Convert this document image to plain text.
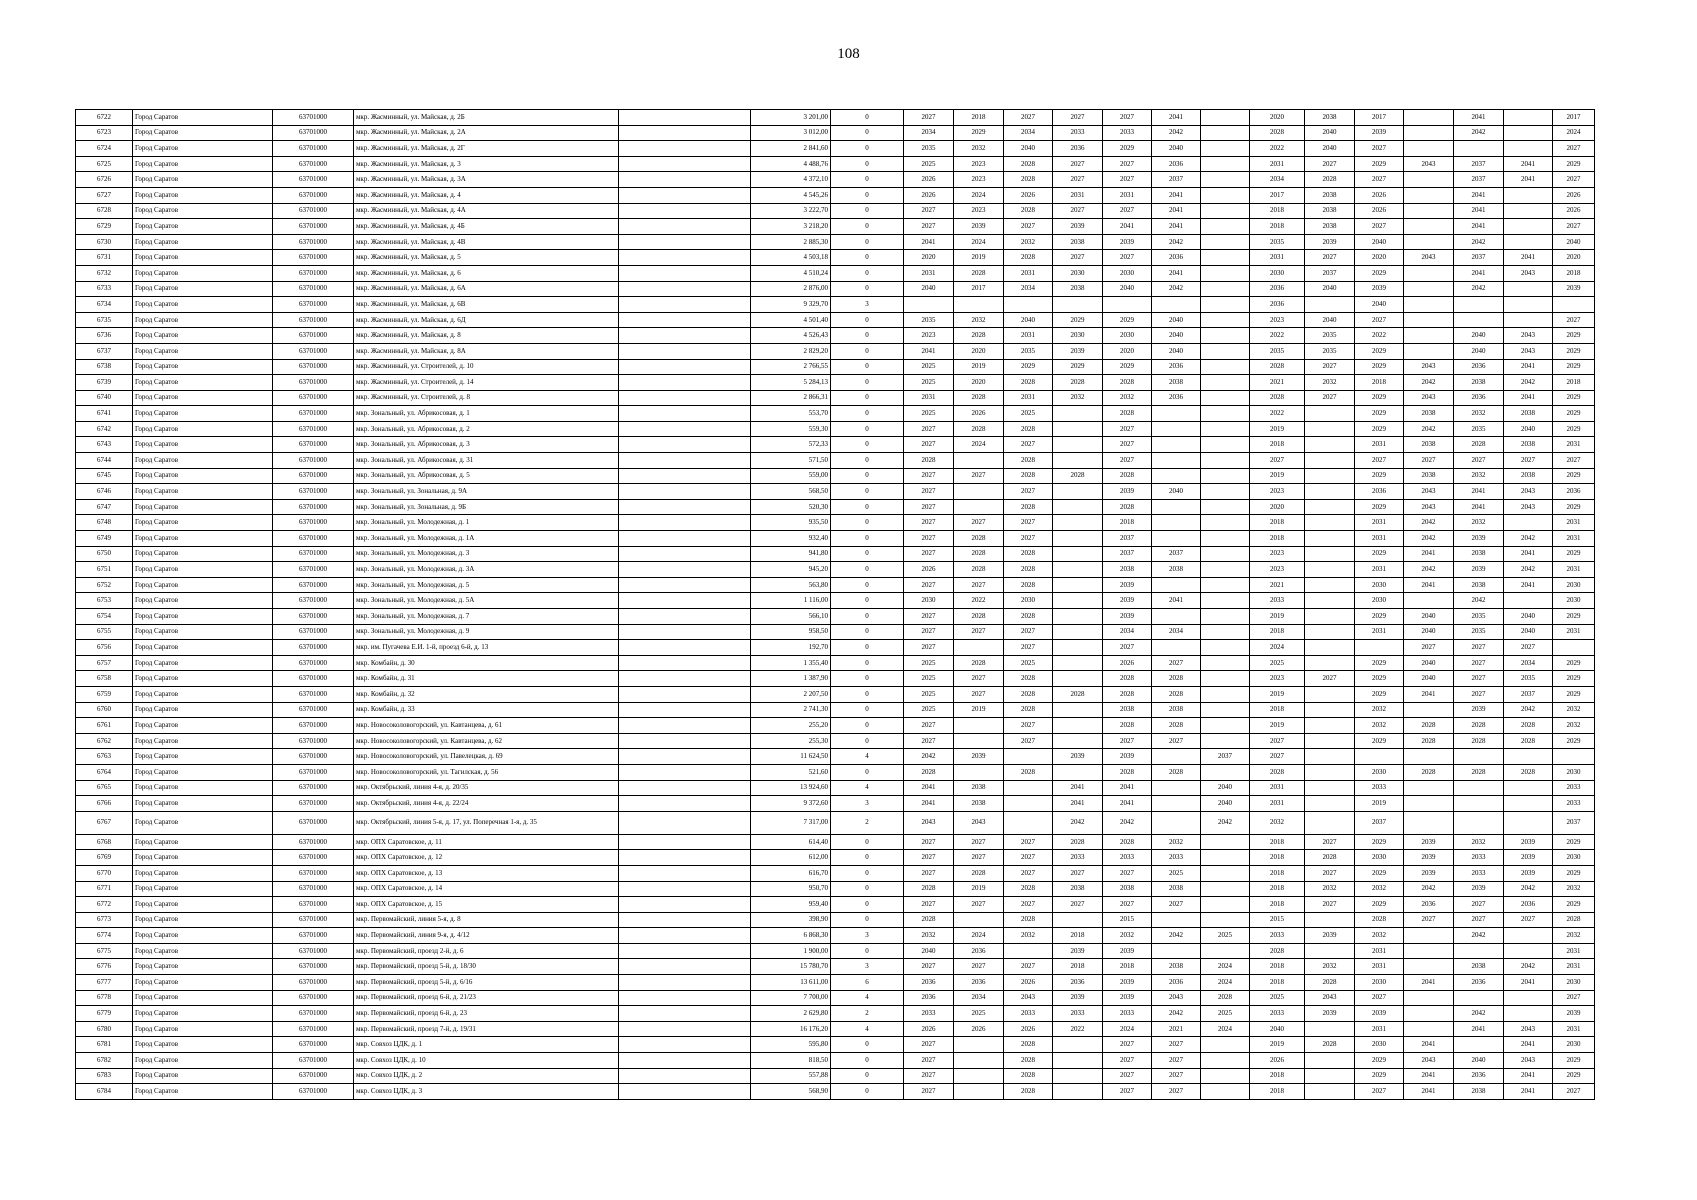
108
6722	Город Саратов	63701000	мкр. Жасминный, ул. Майская, д. 2Б		3 201,00	0	2027	2018	2027	2027	2027	2041		2020	2038	2017		2041		2017
6723	Город Саратов	63701000	мкр. Жасминный, ул. Майская, д. 2А		3 012,00	0	2034	2029	2034	2033	2033	2042		2028	2040	2039		2042		2024
6724	Город Саратов	63701000	мкр. Жасминный, ул. Майская, д. 2Г		2 841,60	0	2035	2032	2040	2036	2029	2040		2022	2040	2027				2027
6725	Город Саратов	63701000	мкр. Жасминный, ул. Майская, д. 3		4 488,76	0	2025	2023	2028	2027	2027	2036		2031	2027	2029	2043	2037	2041	2029
6726	Город Саратов	63701000	мкр. Жасминный, ул. Майская, д. 3А		4 372,10	0	2026	2023	2028	2027	2027	2037		2034	2028	2027		2037	2041	2027
6727	Город Саратов	63701000	мкр. Жасминный, ул. Майская, д. 4		4 545,26	0	2026	2024	2026	2031	2031	2041		2017	2038	2026		2041		2026
6728	Город Саратов	63701000	мкр. Жасминный, ул. Майская, д. 4А		3 222,70	0	2027	2023	2028	2027	2027	2041		2018	2038	2026		2041		2026
6729	Город Саратов	63701000	мкр. Жасминный, ул. Майская, д. 4Б		3 218,20	0	2027	2039	2027	2039	2041	2041		2018	2038	2027		2041		2027
6730	Город Саратов	63701000	мкр. Жасминный, ул. Майская, д. 4В		2 885,30	0	2041	2024	2032	2038	2039	2042		2035	2039	2040		2042		2040
6731	Город Саратов	63701000	мкр. Жасминный, ул. Майская, д. 5		4 503,18	0	2020	2019	2028	2027	2027	2036		2031	2027	2020	2043	2037	2041	2020
6732	Город Саратов	63701000	мкр. Жасминный, ул. Майская, д. 6		4 510,24	0	2031	2028	2031	2030	2030	2041		2030	2037	2029		2041	2043	2018
6733	Город Саратов	63701000	мкр. Жасминный, ул. Майская, д. 6А		2 876,00	0	2040	2017	2034	2038	2040	2042		2036	2040	2039		2042		2039
6734	Город Саратов	63701000	мкр. Жасминный, ул. Майская, д. 6В		9 329,70	3								2036		2040				
6735	Город Саратов	63701000	мкр. Жасминный, ул. Майская, д. 6Д		4 501,40	0	2035	2032	2040	2029	2029	2040		2023	2040	2027				2027
6736	Город Саратов	63701000	мкр. Жасминный, ул. Майская, д. 8		4 526,43	0	2023	2028	2031	2030	2030	2040		2022	2035	2022		2040	2043	2029
6737	Город Саратов	63701000	мкр. Жасминный, ул. Майская, д. 8А		2 829,20	0	2041	2020	2035	2039	2020	2040		2035	2035	2029		2040	2043	2029
6738	Город Саратов	63701000	мкр. Жасминный, ул. Строителей, д. 10		2 766,55	0	2025	2019	2029	2029	2029	2036		2028	2027	2029	2043	2036	2041	2029
6739	Город Саратов	63701000	мкр. Жасминный, ул. Строителей, д. 14		5 284,13	0	2025	2020	2028	2028	2028	2038		2021	2032	2018	2042	2038	2042	2018
6740	Город Саратов	63701000	мкр. Жасминный, ул. Строителей, д. 8		2 866,31	0	2031	2028	2031	2032	2032	2036		2028	2027	2029	2043	2036	2041	2029
6741	Город Саратов	63701000	мкр. Зональный, ул. Абрикосовая, д. 1		553,70	0	2025	2026	2025		2028			2022		2029	2038	2032	2038	2029
6742	Город Саратов	63701000	мкр. Зональный, ул. Абрикосовая, д. 2		559,30	0	2027	2028	2028		2027			2019		2029	2042	2035	2040	2029
6743	Город Саратов	63701000	мкр. Зональный, ул. Абрикосовая, д. 3		572,33	0	2027	2024	2027		2027			2018		2031	2038	2028	2038	2031
6744	Город Саратов	63701000	мкр. Зональный, ул. Абрикосовая, д. 31		571,50	0	2028		2028		2027			2027		2027	2027	2027	2027	2027
6745	Город Саратов	63701000	мкр. Зональный, ул. Абрикосовая, д. 5		559,00	0	2027	2027	2028	2028	2028			2019		2029	2038	2032	2038	2029
6746	Город Саратов	63701000	мкр. Зональный, ул. Зональная, д. 9А		568,50	0	2027		2027		2039	2040		2023		2036	2043	2041	2043	2036
6747	Город Саратов	63701000	мкр. Зональный, ул. Зональная, д. 9Б		520,30	0	2027		2028		2028			2020		2029	2043	2041	2043	2029
6748	Город Саратов	63701000	мкр. Зональный, ул. Молодежная, д. 1		935,50	0	2027	2027	2027		2018			2018		2031	2042	2032		2031
6749	Город Саратов	63701000	мкр. Зональный, ул. Молодежная, д. 1А		932,40	0	2027	2028	2027		2037			2018		2031	2042	2039	2042	2031
6750	Город Саратов	63701000	мкр. Зональный, ул. Молодежная, д. 3		941,80	0	2027	2028	2028		2037	2037		2023		2029	2041	2038	2041	2029
6751	Город Саратов	63701000	мкр. Зональный, ул. Молодежная, д. 3А		945,20	0	2026	2028	2028		2038	2038		2023		2031	2042	2039	2042	2031
6752	Город Саратов	63701000	мкр. Зональный, ул. Молодежная, д. 5		563,80	0	2027	2027	2028		2039			2021		2030	2041	2038	2041	2030
6753	Город Саратов	63701000	мкр. Зональный, ул. Молодежная, д. 5А		1 116,00	0	2030	2022	2030		2039	2041		2033		2030		2042		2030
6754	Город Саратов	63701000	мкр. Зональный, ул. Молодежная, д. 7		566,10	0	2027	2028	2028		2039			2019		2029	2040	2035	2040	2029
6755	Город Саратов	63701000	мкр. Зональный, ул. Молодежная, д. 9		958,50	0	2027	2027	2027		2034	2034		2018		2031	2040	2035	2040	2031
6756	Город Саратов	63701000	мкр. им. Пугачева Е.И. 1-й, проезд 6-й, д. 13		192,70	0	2027		2027		2027			2024			2027	2027	2027	
6757	Город Саратов	63701000	мкр. Комбайн, д. 30		1 355,40	0	2025	2028	2025		2026	2027		2025		2029	2040	2027	2034	2029
6758	Город Саратов	63701000	мкр. Комбайн, д. 31		1 387,90	0	2025	2027	2028		2028	2028		2023	2027	2029	2040	2027	2035	2029
6759	Город Саратов	63701000	мкр. Комбайн, д. 32		2 207,50	0	2025	2027	2028	2028	2028	2028		2019		2029	2041	2027	2037	2029
6760	Город Саратов	63701000	мкр. Комбайн, д. 33		2 741,30	0	2025	2019	2028		2038	2038		2018		2032		2039	2042	2032
6761	Город Саратов	63701000	мкр. Новосоколовогорский, ул. Кавтанцева, д. 61		255,20	0	2027		2027		2028	2028		2019		2032	2028	2028	2028	2032
6762	Город Саратов	63701000	мкр. Новосоколовогорский, ул. Кавтанцева, д. 62		255,30	0	2027		2027		2027	2027		2027		2029	2028	2028	2028	2029
6763	Город Саратов	63701000	мкр. Новосоколовогорский, ул. Павелецкая, д. 69		11 624,50	4	2042	2039		2039	2039		2037	2027						
6764	Город Саратов	63701000	мкр. Новосоколовогорский, ул. Тагилская, д. 56		521,60	0	2028		2028		2028	2028		2028		2030	2028	2028	2028	2030
6765	Город Саратов	63701000	мкр. Октябрьский, линия 4-я, д. 20/35		13 924,60	4	2041	2038		2041	2041		2040	2031		2033				2033
6766	Город Саратов	63701000	мкр. Октябрьский, линия 4-я, д. 22/24		9 372,60	3	2041	2038		2041	2041		2040	2031		2019				2033
6767	Город Саратов	63701000	мкр. Октябрьский, линия 5-я, д. 17, ул. Поперечная 1-я, д. 35		7 317,00	2	2043	2043		2042	2042		2042	2032		2037				2037
6768	Город Саратов	63701000	мкр. ОПХ Саратовское, д. 11		614,40	0	2027	2027	2027	2028	2028	2032		2018	2027	2029	2039	2032	2039	2029
6769	Город Саратов	63701000	мкр. ОПХ Саратовское, д. 12		612,00	0	2027	2027	2027	2033	2033	2033		2018	2028	2030	2039	2033	2039	2030
6770	Город Саратов	63701000	мкр. ОПХ Саратовское, д. 13		616,70	0	2027	2028	2027	2027	2027	2025		2018	2027	2029	2039	2033	2039	2029
6771	Город Саратов	63701000	мкр. ОПХ Саратовское, д. 14		950,70	0	2028	2019	2028	2038	2038	2038		2018	2032	2032	2042	2039	2042	2032
6772	Город Саратов	63701000	мкр. ОПХ Саратовское, д. 15		959,40	0	2027	2027	2027	2027	2027	2027		2018	2027	2029	2036	2027	2036	2029
6773	Город Саратов	63701000	мкр. Первомайский, линия 5-я, д. 8		398,90	0	2028		2028		2015			2015		2028	2027	2027	2027	2028
6774	Город Саратов	63701000	мкр. Первомайский, линия 9-я, д. 4/12		6 868,30	3	2032	2024	2032	2018	2032	2042	2025	2033	2039	2032		2042		2032
6775	Город Саратов	63701000	мкр. Первомайский, проезд 2-й, д. 6		1 900,00	0	2040	2036		2039	2039			2028		2031				2031
6776	Город Саратов	63701000	мкр. Первомайский, проезд 5-й, д. 18/30		15 780,70	3	2027	2027	2027	2018	2018	2038	2024	2018	2032	2031		2038	2042	2031
6777	Город Саратов	63701000	мкр. Первомайский, проезд 5-й, д. 6/16		13 611,00	6	2036	2036	2026	2036	2039	2036	2024	2018	2028	2030	2041	2036	2041	2030
6778	Город Саратов	63701000	мкр. Первомайский, проезд 6-й, д. 21/23		7 700,00	4	2036	2034	2043	2039	2039	2043	2028	2025	2043	2027				2027
6779	Город Саратов	63701000	мкр. Первомайский, проезд 6-й, д. 23		2 629,80	2	2033	2025	2033	2033	2033	2042	2025	2033	2039	2039		2042		2039
6780	Город Саратов	63701000	мкр. Первомайский, проезд 7-й, д. 19/31		16 176,20	4	2026	2026	2026	2022	2024	2021	2024	2040		2031		2041	2043	2031
6781	Город Саратов	63701000	мкр. Совхоз ЦДК, д. 1		595,80	0	2027		2028		2027	2027		2019	2028	2030	2041		2041	2030
6782	Город Саратов	63701000	мкр. Совхоз ЦДК, д. 10		818,50	0	2027		2028		2027	2027		2026		2029	2043	2040	2043	2029
6783	Город Саратов	63701000	мкр. Совхоз ЦДК, д. 2		557,88	0	2027		2028		2027	2027		2018		2029	2041	2036	2041	2029
6784	Город Саратов	63701000	мкр. Совхоз ЦДК, д. 3		568,90	0	2027		2028		2027	2027		2018		2027	2041	2038	2041	2027
